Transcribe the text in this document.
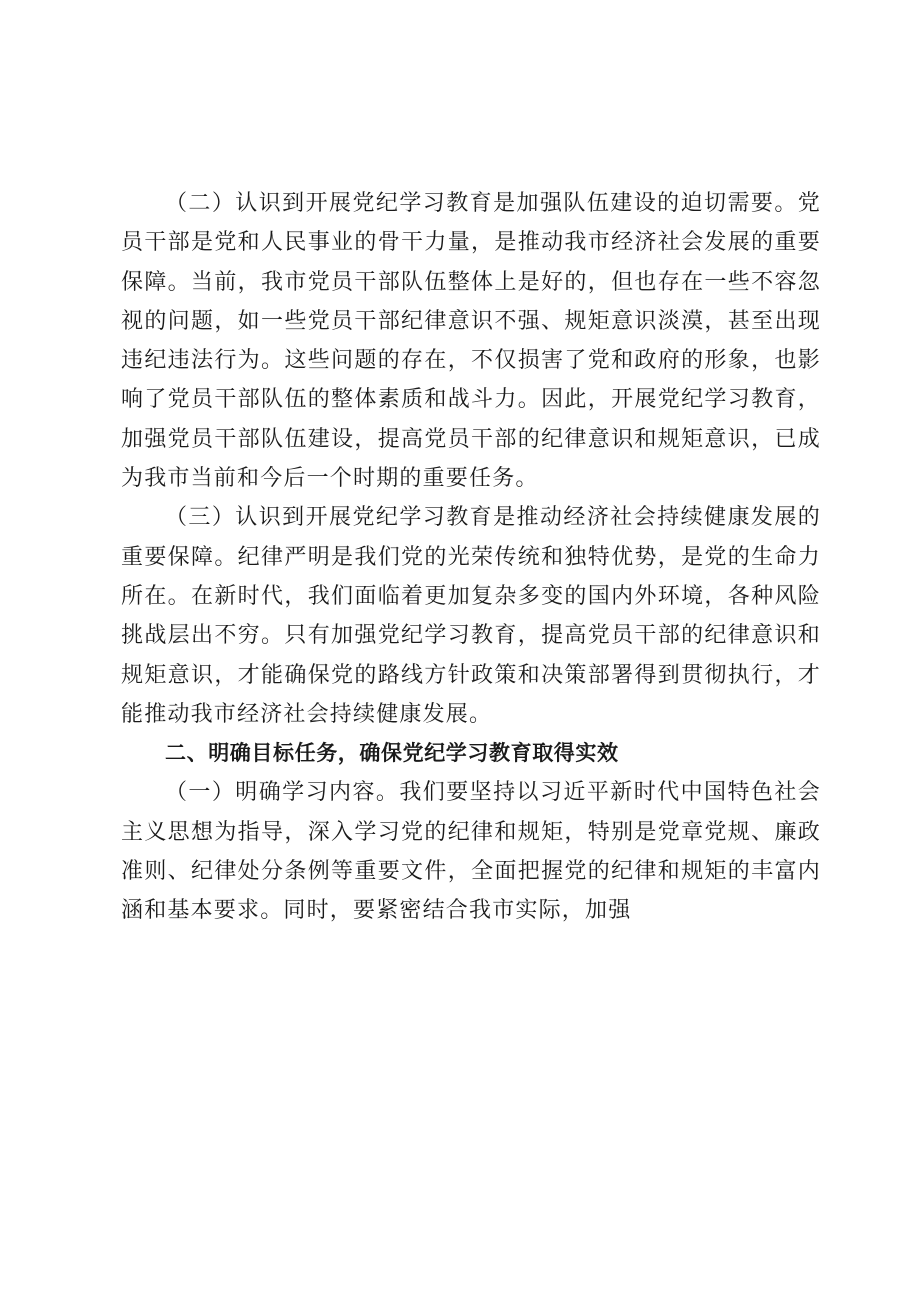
（二）认识到开展党纪学习教育是加强队伍建设的迫切需要。党员干部是党和人民事业的骨干力量，是推动我市经济社会发展的重要保障。当前，我市党员干部队伍整体上是好的，但也存在一些不容忽视的问题，如一些党员干部纪律意识不强、规矩意识淡漠，甚至出现违纪违法行为。这些问题的存在，不仅损害了党和政府的形象，也影响了党员干部队伍的整体素质和战斗力。因此，开展党纪学习教育，加强党员干部队伍建设，提高党员干部的纪律意识和规矩意识，已成为我市当前和今后一个时期的重要任务。

（三）认识到开展党纪学习教育是推动经济社会持续健康发展的重要保障。纪律严明是我们党的光荣传统和独特优势，是党的生命力所在。在新时代，我们面临着更加复杂多变的国内外环境，各种风险挑战层出不穷。只有加强党纪学习教育，提高党员干部的纪律意识和规矩意识，才能确保党的路线方针政策和决策部署得到贯彻执行，才能推动我市经济社会持续健康发展。

二、明确目标任务，确保党纪学习教育取得实效

（一）明确学习内容。我们要坚持以习近平新时代中国特色社会主义思想为指导，深入学习党的纪律和规矩，特别是党章党规、廉政准则、纪律处分条例等重要文件，全面把握党的纪律和规矩的丰富内涵和基本要求。同时，要紧密结合我市实际，加强
